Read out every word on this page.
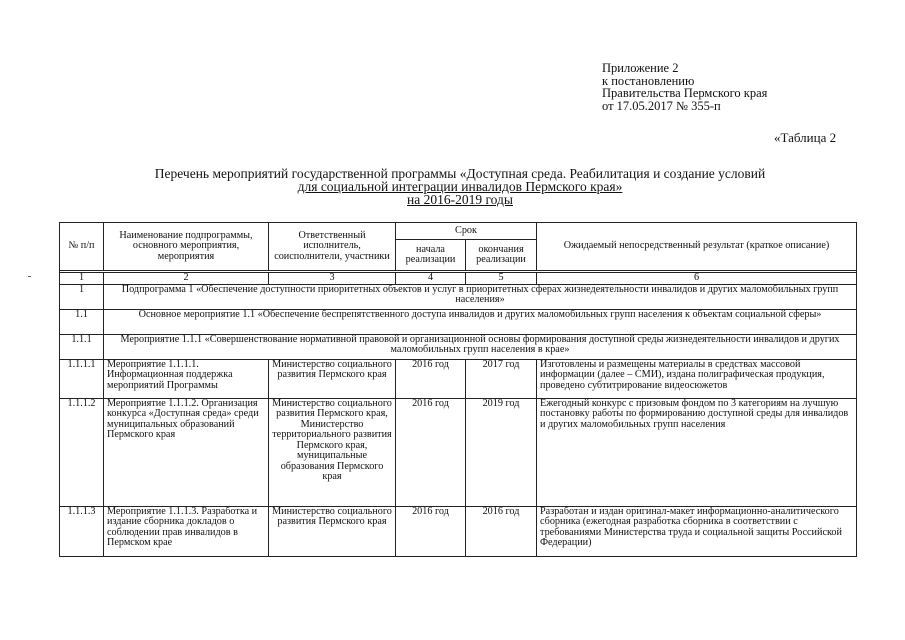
Приложение 2
к постановлению
Правительства Пермского края
от 17.05.2017 № 355-п
«Таблица 2
Перечень мероприятий государственной программы «Доступная среда. Реабилитация и создание условий
для социальной интеграции инвалидов Пермского края»
на 2016-2019 годы
№ п/п	Наименование подпрограммы, основного мероприятия, мероприятия	Ответственный исполнитель, соисполнители, участники	Срок		Ожидаемый непосредственный результат (краткое описание)
			начала реализации	окончания реализации	

1	2	3	4	5	6
1	Подпрограмма 1 «Обеспечение доступности приоритетных объектов и услуг в приоритетных сферах жизнедеятельности инвалидов и других маломобильных групп населения»				
1.1	Основное мероприятие 1.1 «Обеспечение беспрепятственного доступа инвалидов и других маломобильных групп населения к объектам социальной сферы»				
1.1.1	Мероприятие 1.1.1 «Совершенствование нормативной правовой и организационной основы формирования доступной среды жизнедеятельности инвалидов и других маломобильных групп населения в крае»				
1.1.1.1	Мероприятие 1.1.1.1. Информационная поддержка мероприятий Программы	Министерство социального развития Пермского края	2016 год	2017 год	Изготовлены и размещены материалы в средствах массовой информации (далее – СМИ), издана полиграфическая продукция, проведено субтитрирование видеосюжетов
1.1.1.2	Мероприятие 1.1.1.2. Организация конкурса «Доступная среда» среди муниципальных образований Пермского края	Министерство социального развития Пермского края, Министерство территориального развития Пермского края, муниципальные образования Пермского края	2016 год	2019 год	Ежегодный конкурс с призовым фондом по 3 категориям на лучшую постановку работы по формированию доступной среды для инвалидов и других маломобильных групп населения
1.1.1.3	Мероприятие 1.1.1.3. Разработка и издание сборника докладов о соблюдении прав инвалидов в Пермском крае	Министерство социального развития Пермского края	2016 год	2016 год	Разработан и издан оригинал-макет информационно-аналитического сборника (ежегодная разработка сборника в соответствии с требованиями Министерства труда и социальной защиты Российской Федерации)
